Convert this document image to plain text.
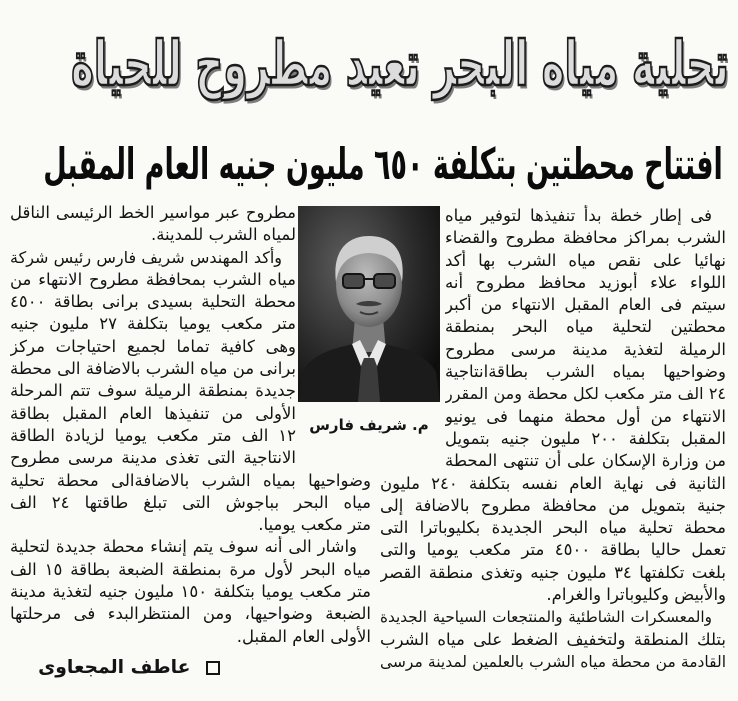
تحلية مياه البحر تعيد مطروح للحياة
افتتاح محطتين بتكلفة ٦٥٠ مليون جنيه العام المقبل
فى إطار خطة بدأ تنفيذها لتوفير مياه
الشرب بمراكز محافظة مطروح والقضاء
نهائيا على نقص مياه الشرب بها أكد
اللواء علاء أبوزيد محافظ مطروح أنه
سيتم فى العام المقبل الانتهاء من أكبر
محطتين لتحلية مياه البحر بمنطقة
الرميلة لتغذية مدينة مرسى مطروح
وضواحيها بمياه الشرب بطاقةانتاجية
٢٤ الف متر مكعب لكل محطة ومن المقرر
الانتهاء من أول محطة منهما فى يونيو
المقبل بتكلفة ٢٠٠ مليون جنيه بتمويل
من وزارة الإسكان على أن تنتهى المحطة
الثانية فى نهاية العام نفسه بتكلفة ٢٤٠ مليون
جنية بتمويل من محافظة مطروح بالاضافة إلى
محطة تحلية مياه البحر الجديدة بكليوباترا التى
تعمل حاليا بطاقة ٤٥٠٠ متر مكعب يوميا والتى
بلغت تكلفتها ٣٤ مليون جنيه وتغذى منطقة القصر
والأبيض وكليوباترا والغرام.
والمعسكرات الشاطئية والمنتجعات السياحية الجديدة
بتلك المنطقة ولتخفيف الضغط على مياه الشرب
القادمة من محطة مياه الشرب بالعلمين لمدينة مرسى
م. شريف فارس
مطروح عبر مواسير الخط الرئيسى الناقل
لمياه الشرب للمدينة.
وأكد المهندس شريف فارس رئيس شركة
مياه الشرب بمحافظة مطروح الانتهاء من
محطة التحلية بسيدى برانى بطاقة ٤٥٠٠
متر مكعب يوميا بتكلفة ٢٧ مليون جنيه
وهى كافية تماما لجميع احتياجات مركز
برانى من مياه الشرب بالاضافة الى محطة
جديدة بمنطقة الرميلة سوف تتم المرحلة
الأولى من تنفيذها العام المقبل بطاقة
١٢ الف متر مكعب يوميا لزيادة الطاقة
الانتاجية التى تغذى مدينة مرسى مطروح
وضواحيها بمياه الشرب بالاضافةالى محطة تحلية
مياه البحر بباجوش التى تبلغ طاقتها ٢٤ الف
متر مكعب يوميا.
واشار الى أنه سوف يتم إنشاء محطة جديدة لتحلية
مياه البحر لأول مرة بمنطقة الضبعة بطاقة ١٥ الف
متر مكعب يوميا بتكلفة ١٥٠ مليون جنيه لتغذية مدينة
الضبعة وضواحيها، ومن المنتظرالبدء فى مرحلتها
الأولى العام المقبل.
عاطف المجعاوى
